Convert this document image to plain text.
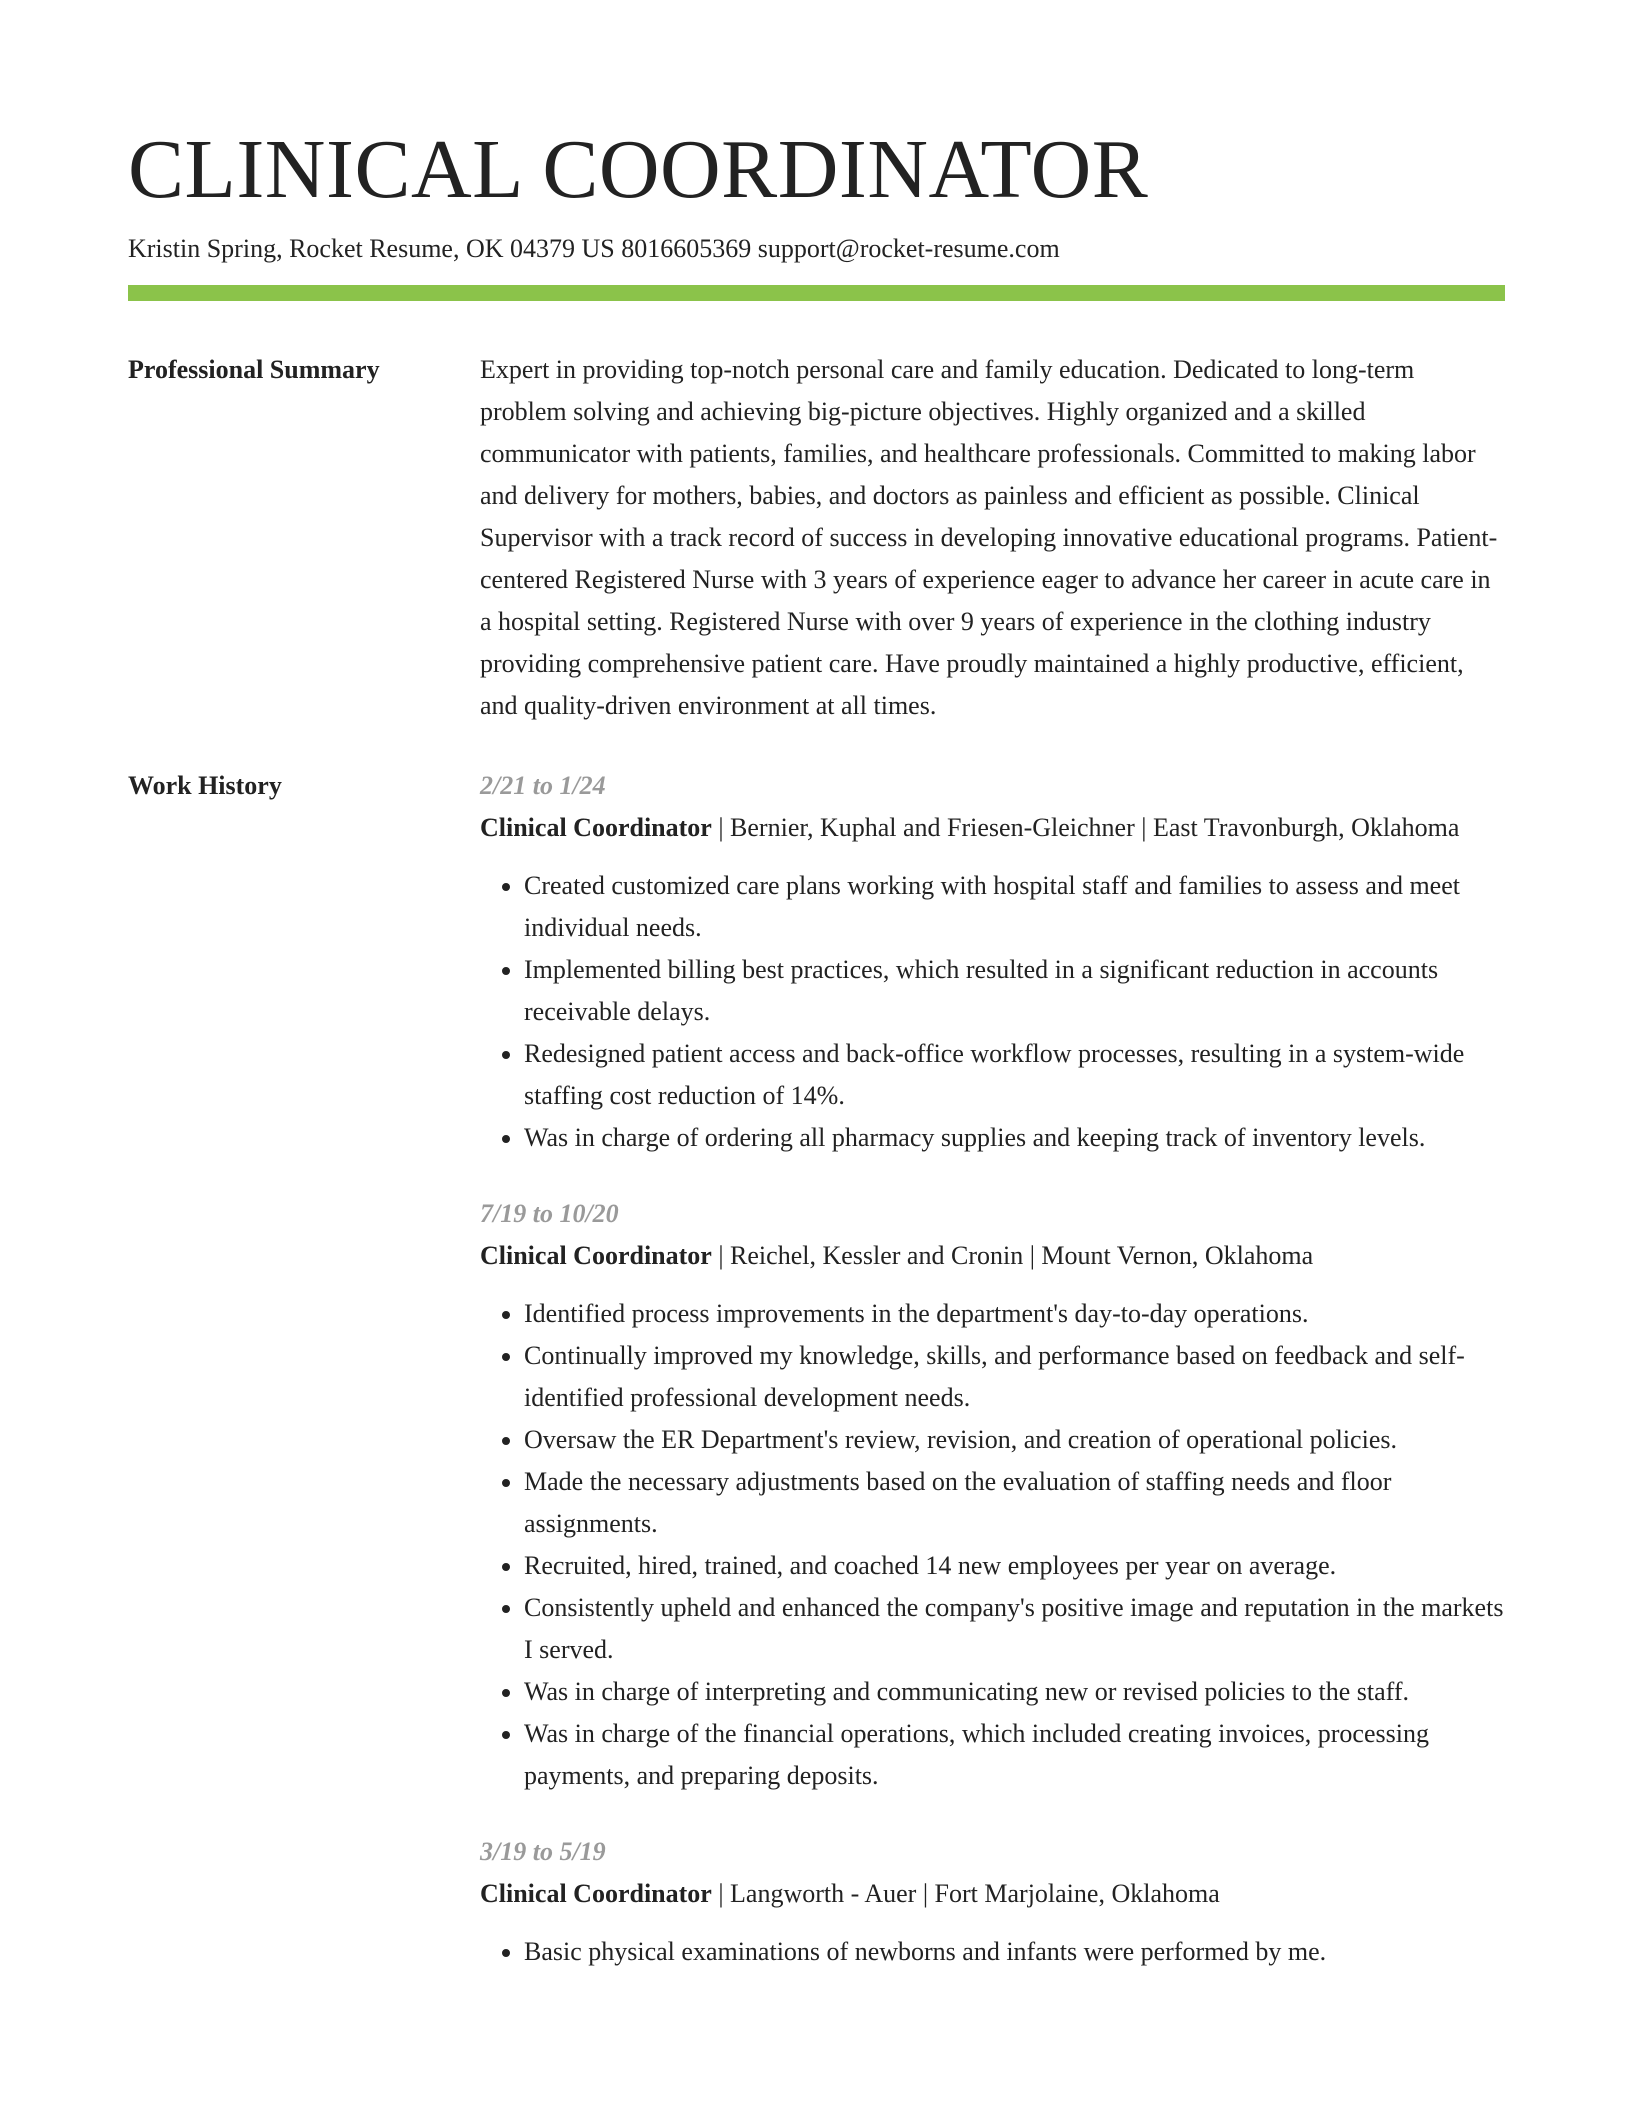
CLINICAL COORDINATOR
Kristin Spring, Rocket Resume, OK 04379 US 8016605369 support@rocket-resume.com
Professional Summary	Expert in providing top-notch personal care and family education. Dedicated to long-term problem solving and achieving big-picture objectives. Highly organized and a skilled communicator with patients, families, and healthcare professionals. Committed to making labor and delivery for mothers, babies, and doctors as painless and efficient as possible. Clinical Supervisor with a track record of success in developing innovative educational programs. Patient-centered Registered Nurse with 3 years of experience eager to advance her career in acute care in a hospital setting. Registered Nurse with over 9 years of experience in the clothing industry providing comprehensive patient care. Have proudly maintained a highly productive, efficient, and quality-driven environment at all times.

Work History	2/21 to 1/24

Clinical Coordinator | Bernier, Kuphal and Friesen-Gleichner | East Travonburgh, Oklahoma

• Created customized care plans working with hospital staff and families to assess and meet individual needs.
• Implemented billing best practices, which resulted in a significant reduction in accounts receivable delays.
• Redesigned patient access and back-office workflow processes, resulting in a system-wide staffing cost reduction of 14%.
• Was in charge of ordering all pharmacy supplies and keeping track of inventory levels.
7/19 to 10/20

Clinical Coordinator | Reichel, Kessler and Cronin | Mount Vernon, Oklahoma

• Identified process improvements in the department's day-to-day operations.
• Continually improved my knowledge, skills, and performance based on feedback and self-identified professional development needs.
• Oversaw the ER Department's review, revision, and creation of operational policies.
• Made the necessary adjustments based on the evaluation of staffing needs and floor assignments.
• Recruited, hired, trained, and coached 14 new employees per year on average.
• Consistently upheld and enhanced the company's positive image and reputation in the markets I served.
• Was in charge of interpreting and communicating new or revised policies to the staff.
• Was in charge of the financial operations, which included creating invoices, processing payments, and preparing deposits.
3/19 to 5/19

Clinical Coordinator | Langworth - Auer | Fort Marjolaine, Oklahoma

• Basic physical examinations of newborns and infants were performed by me.
